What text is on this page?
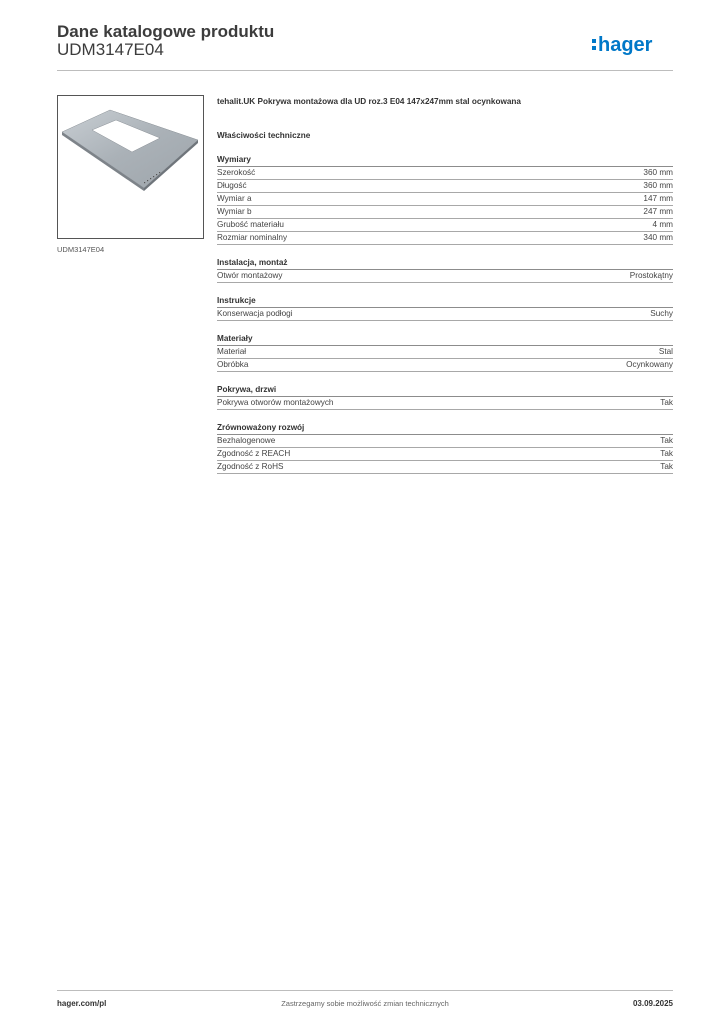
Dane katalogowe produktu
UDM3147E04	hager
UDM3147E04
tehalit.UK Pokrywa montażowa dla UD roz.3 E04 147x247mm stal ocynkowana
Właściwości techniczne
Wymiary
Szerokość	360 mm
Długość	360 mm
Wymiar a	147 mm
Wymiar b	247 mm
Grubość materiału	4 mm
Rozmiar nominalny	340 mm
Instalacja, montaż
Otwór montażowy	Prostokątny
Instrukcje
Konserwacja podłogi	Suchy
Materiały
Materiał	Stal
Obróbka	Ocynkowany
Pokrywa, drzwi
Pokrywa otworów montażowych	Tak
Zrównoważony rozwój
Bezhalogenowe	Tak
Zgodność z REACH	Tak
Zgodność z RoHS	Tak
hager.com/pl	Zastrzegamy sobie możliwość zmian technicznych	03.09.2025
